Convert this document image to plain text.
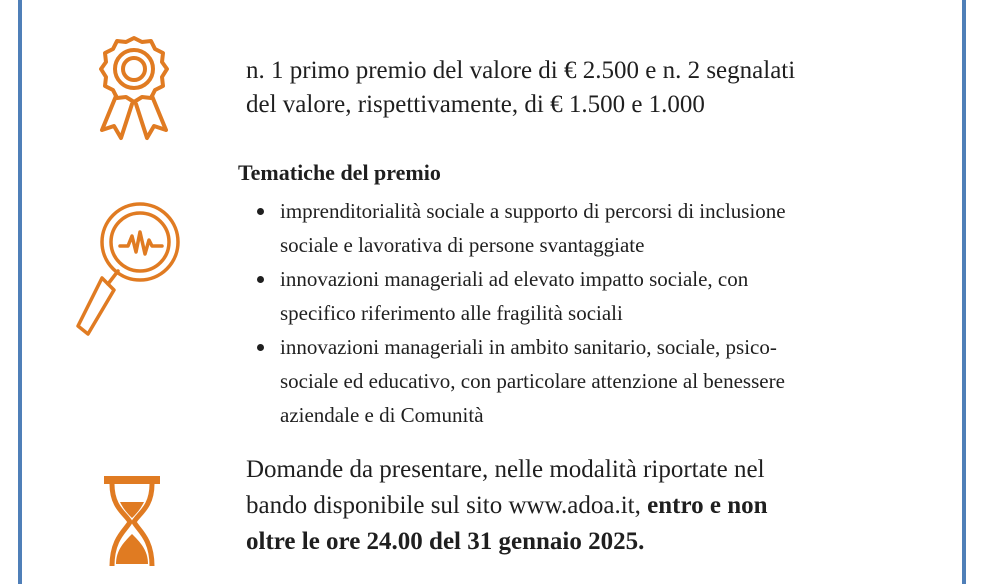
n. 1 primo premio del valore di € 2.500 e n. 2 segnalati
del valore, rispettivamente, di € 1.500 e 1.000
Tematiche del premio
imprenditorialità sociale a supporto di percorsi di inclusione
sociale e lavorativa di persone svantaggiate
innovazioni manageriali ad elevato impatto sociale, con
specifico riferimento alle fragilità sociali
innovazioni manageriali in ambito sanitario, sociale, psico-
sociale ed educativo, con particolare attenzione al benessere
aziendale e di Comunità
Domande da presentare, nelle modalità riportate nel
bando disponibile sul sito www.adoa.it, entro e non
oltre le ore 24.00 del 31 gennaio 2025.
